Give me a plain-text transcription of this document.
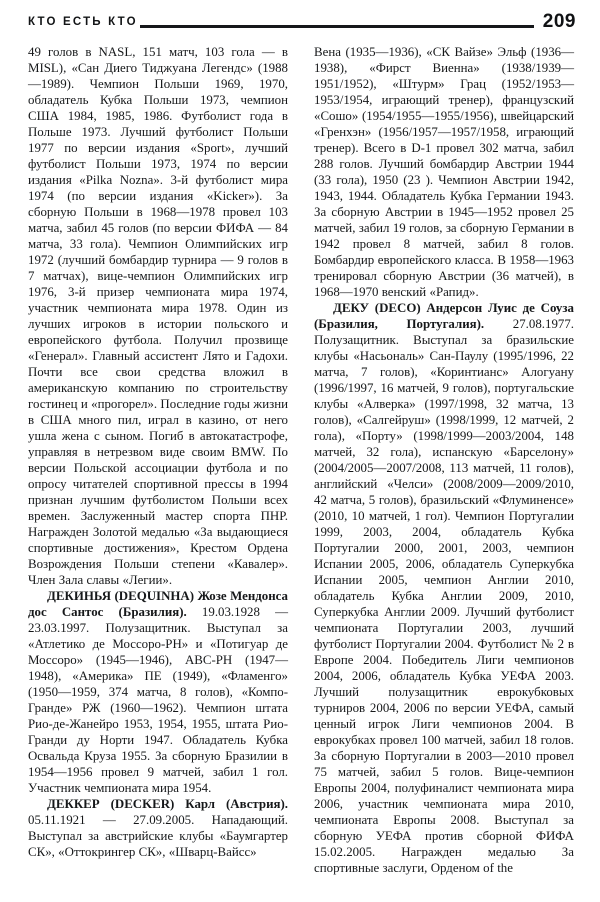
КТО ЕСТЬ КТО	209

49 голов в NASL, 151 матч, 103 гола — в MISL), «Сан Диего Тиджуана Легендс» (1988—1989). Чемпион Польши 1969, 1970, обладатель Кубка Польши 1973, чемпион США 1984, 1985, 1986. Футболист года в Польше 1973. Лучший футболист Польши 1977 по версии издания «Sport», лучший футболист Польши 1973, 1974 по версии издания «Pilka Nozna». 3-й футболист мира 1974 (по версии издания «Kicker»). За сборную Польши в 1968—1978 провел 103 матча, забил 45 голов (по версии ФИФА — 84 матча, 33 гола). Чемпион Олимпийских игр 1972 (лучший бомбардир турнира — 9 голов в 7 матчах), вице-чемпион Олимпийских игр 1976, 3-й призер чемпионата мира 1974, участник чемпионата мира 1978. Один из лучших игроков в истории польского и европейского футбола. Получил прозвище «Генерал». Главный ассистент Лято и Гадохи. Почти все свои средства вложил в американскую компанию по строительству гостинец и «прогорел». Последние годы жизни в США много пил, играл в казино, от него ушла жена с сыном. Погиб в автокатастрофе, управляя в нетрезвом виде своим BMW. По версии Польской ассоциации футбола и по опросу читателей спортивной прессы в 1994 признан лучшим футболистом Польши всех времен. Заслуженный мастер спорта ПНР. Награжден Золотой медалью «За выдающиеся спортивные достижения», Крестом Ордена Возрождения Польши степени «Кавалер». Член Зала славы «Легии».

ДЕКИНЬЯ (DEQUINHA) Жозе Мендонса дос Сантос (Бразилия). 19.03.1928 — 23.03.1997. Полузащитник. Выступал за «Атлетико де Моссоро-РН» и «Потигуар де Моссоро» (1945—1946), АВС-РН (1947—1948), «Америка» ПЕ (1949), «Фламенго» (1950—1959, 374 матча, 8 голов), «Компо-Гранде» РЖ (1960—1962). Чемпион штата Рио-де-Жанейро 1953, 1954, 1955, штата Рио-Гранди ду Норти 1947. Обладатель Кубка Освальда Круза 1955. За сборную Бразилии в 1954—1956 провел 9 матчей, забил 1 гол. Участник чемпионата мира 1954.

ДЕККЕР (DECKER) Карл (Австрия). 05.11.1921 — 27.09.2005. Нападающий. Выступал за австрийские клубы «Баумгартер СК», «Оттокрингер СК», «Шварц-Вайсс»

Вена (1935—1936), «СК Вайзе» Эльф (1936—1938), «Фирст Виенна» (1938/1939—1951/1952), «Штурм» Грац (1952/1953—1953/1954, играющий тренер), французский «Сошо» (1954/1955—1955/1956), швейцарский «Гренхэн» (1956/1957—1957/1958, играющий тренер). Всего в D-1 провел 302 матча, забил 288 голов. Лучший бомбардир Австрии 1944 (33 гола), 1950 (23 ). Чемпион Австрии 1942, 1943, 1944. Обладатель Кубка Германии 1943. За сборную Австрии в 1945—1952 провел 25 матчей, забил 19 голов, за сборную Германии в 1942 провел 8 матчей, забил 8 голов. Бомбардир европейского класса. В 1958—1963 тренировал сборную Австрии (36 матчей), в 1968—1970 венский «Рапид».

ДЕКУ (DECO) Андерсон Луис де Соуза (Бразилия, Португалия). 27.08.1977. Полузащитник. Выступал за бразильские клубы «Насьональ» Сан-Паулу (1995/1996, 22 матча, 7 голов), «Коринтианс» Алогуану (1996/1997, 16 матчей, 9 голов), португальские клубы «Алверка» (1997/1998, 32 матча, 13 голов), «Салгейруш» (1998/1999, 12 матчей, 2 гола), «Порту» (1998/1999—2003/2004, 148 матчей, 32 гола), испанскую «Барселону» (2004/2005—2007/2008, 113 матчей, 11 голов), английский «Челси» (2008/2009—2009/2010, 42 матча, 5 голов), бразильский «Флуминенсе» (2010, 10 матчей, 1 гол). Чемпион Португалии 1999, 2003, 2004, обладатель Кубка Португалии 2000, 2001, 2003, чемпион Испании 2005, 2006, обладатель Суперкубка Испании 2005, чемпион Англии 2010, обладатель Кубка Англии 2009, 2010, Суперкубка Англии 2009. Лучший футболист чемпионата Португалии 2003, лучший футболист Португалии 2004. Футболист № 2 в Европе 2004. Победитель Лиги чемпионов 2004, 2006, обладатель Кубка УЕФА 2003. Лучший полузащитник еврокубковых турниров 2004, 2006 по версии УЕФА, самый ценный игрок Лиги чемпионов 2004. В еврокубках провел 100 матчей, забил 18 голов. За сборную Португалии в 2003—2010 провел 75 матчей, забил 5 голов. Вице-чемпион Европы 2004, полуфиналист чемпионата мира 2006, участник чемпионата мира 2010, чемпионата Европы 2008. Выступал за сборную УЕФА против сборной ФИФА 15.02.2005. Награжден медалью За спортивные заслуги, Орденом of the
